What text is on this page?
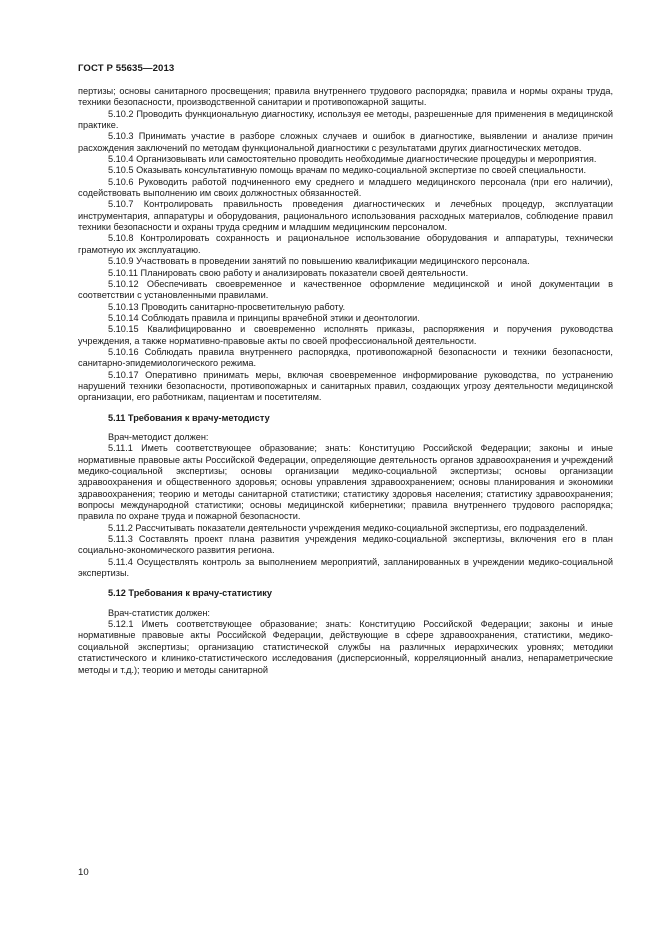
ГОСТ Р 55635—2013

пертизы; основы санитарного просвещения; правила внутреннего трудового распорядка; правила и нормы охраны труда, техники безопасности, производственной санитарии и противопожарной защиты.

5.10.2 Проводить функциональную диагностику, используя ее методы, разрешенные для применения в медицинской практике.

5.10.3 Принимать участие в разборе сложных случаев и ошибок в диагностике, выявлении и анализе причин расхождения заключений по методам функциональной диагностики с результатами других диагностических методов.

5.10.4 Организовывать или самостоятельно проводить необходимые диагностические процедуры и мероприятия.

5.10.5 Оказывать консультативную помощь врачам по медико-социальной экспертизе по своей специальности.

5.10.6 Руководить работой подчиненного ему среднего и младшего медицинского персонала (при его наличии), содействовать выполнению им своих должностных обязанностей.

5.10.7 Контролировать правильность проведения диагностических и лечебных процедур, эксплуатации инструментария, аппаратуры и оборудования, рационального использования расходных материалов, соблюдение правил техники безопасности и охраны труда средним и младшим медицинским персоналом.

5.10.8 Контролировать сохранность и рациональное использование оборудования и аппаратуры, технически грамотную их эксплуатацию.

5.10.9 Участвовать в проведении занятий по повышению квалификации медицинского персонала.

5.10.11 Планировать свою работу и анализировать показатели своей деятельности.

5.10.12 Обеспечивать своевременное и качественное оформление медицинской и иной документации в соответствии с установленными правилами.

5.10.13 Проводить санитарно-просветительную работу.

5.10.14 Соблюдать правила и принципы врачебной этики и деонтологии.

5.10.15 Квалифицированно и своевременно исполнять приказы, распоряжения и поручения руководства учреждения, а также нормативно-правовые акты по своей профессиональной деятельности.

5.10.16 Соблюдать правила внутреннего распорядка, противопожарной безопасности и техники безопасности, санитарно-эпидемиологического режима.

5.10.17 Оперативно принимать меры, включая своевременное информирование руководства, по устранению нарушений техники безопасности, противопожарных и санитарных правил, создающих угрозу деятельности медицинской организации, его работникам, пациентам и посетителям.

5.11 Требования к врачу-методисту

Врач-методист должен:

5.11.1 Иметь соответствующее образование; знать: Конституцию Российской Федерации; законы и иные нормативные правовые акты Российской Федерации, определяющие деятельность органов здравоохранения и учреждений медико-социальной экспертизы; основы организации медико-социальной экспертизы; основы организации здравоохранения и общественного здоровья; основы управления здравоохранением; основы планирования и экономики здравоохранения; теорию и методы санитарной статистики; статистику здоровья населения; статистику здравоохранения; вопросы международной статистики; основы медицинской кибернетики; правила внутреннего трудового распорядка; правила по охране труда и пожарной безопасности.

5.11.2 Рассчитывать показатели деятельности учреждения медико-социальной экспертизы, его подразделений.

5.11.3 Составлять проект плана развития учреждения медико-социальной экспертизы, включения его в план социально-экономического развития региона.

5.11.4 Осуществлять контроль за выполнением мероприятий, запланированных в учреждении медико-социальной экспертизы.

5.12 Требования к врачу-статистику

Врач-статистик должен:

5.12.1 Иметь соответствующее образование; знать: Конституцию Российской Федерации; законы и иные нормативные правовые акты Российской Федерации, действующие в сфере здравоохранения, статистики, медико-социальной экспертизы; организацию статистической службы на различных иерархических уровнях; методики статистического и клинико-статистического исследования (дисперсионный, корреляционный анализ, непараметрические методы и т.д.); теорию и методы санитарной

10
